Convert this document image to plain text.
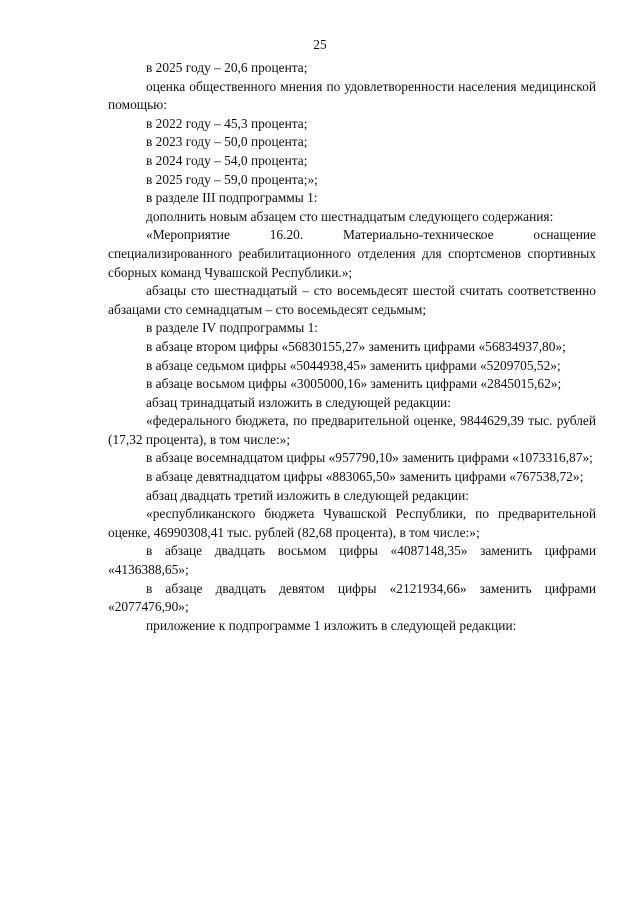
25

в 2025 году – 20,6 процента;

оценка общественного мнения по удовлетворенности населения медицинской помощью:

в 2022 году – 45,3 процента;

в 2023 году – 50,0 процента;

в 2024 году – 54,0 процента;

в 2025 году – 59,0 процента;»;

в разделе III подпрограммы 1:

дополнить новым абзацем сто шестнадцатым следующего содержания:

«Мероприятие 16.20. Материально-техническое оснащение специализированного реабилитационного отделения для спортсменов спортивных сборных команд Чувашской Республики.»;

абзацы сто шестнадцатый – сто восемьдесят шестой считать соответственно абзацами сто семнадцатым – сто восемьдесят седьмым;

в разделе IV подпрограммы 1:

в абзаце втором цифры «56830155,27» заменить цифрами «56834937,80»;

в абзаце седьмом цифры «5044938,45» заменить цифрами «5209705,52»;

в абзаце восьмом цифры «3005000,16» заменить цифрами «2845015,62»;

абзац тринадцатый изложить в следующей редакции:

«федерального бюджета, по предварительной оценке, 9844629,39 тыс. рублей (17,32 процента), в том числе:»;

в абзаце восемнадцатом цифры «957790,10» заменить цифрами «1073316,87»;

в абзаце девятнадцатом цифры «883065,50» заменить цифрами «767538,72»;

абзац двадцать третий изложить в следующей редакции:

«республиканского бюджета Чувашской Республики, по предварительной оценке, 46990308,41 тыс. рублей (82,68 процента), в том числе:»;

в абзаце двадцать восьмом цифры «4087148,35» заменить цифрами «4136388,65»;

в абзаце двадцать девятом цифры «2121934,66» заменить цифрами «2077476,90»;

приложение к подпрограмме 1 изложить в следующей редакции:
